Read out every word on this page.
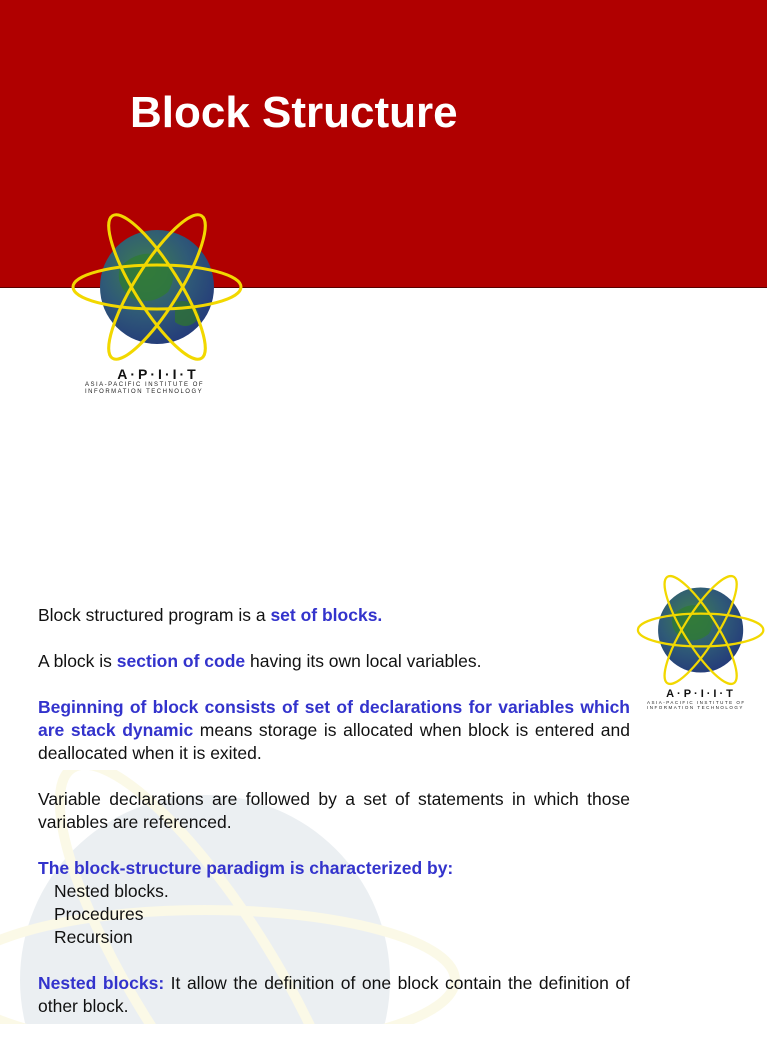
Block Structure
A·P·I·I·T
ASIA-PACIFIC INSTITUTE OF
INFORMATION TECHNOLOGY
A·P·I·I·T
ASIA-PACIFIC INSTITUTE OF
INFORMATION TECHNOLOGY

Block structured program is a set of blocks.

A block is section of code having its own local variables.

Beginning of block consists of set of declarations for variables which are stack dynamic means storage is allocated when block is entered and deallocated when it is exited.

Variable declarations are followed by a set of statements in which those variables are referenced.

The block-structure paradigm is characterized by:
Nested blocks.
Procedures
Recursion

Nested blocks: It allow the definition of one block contain the definition of other block.
